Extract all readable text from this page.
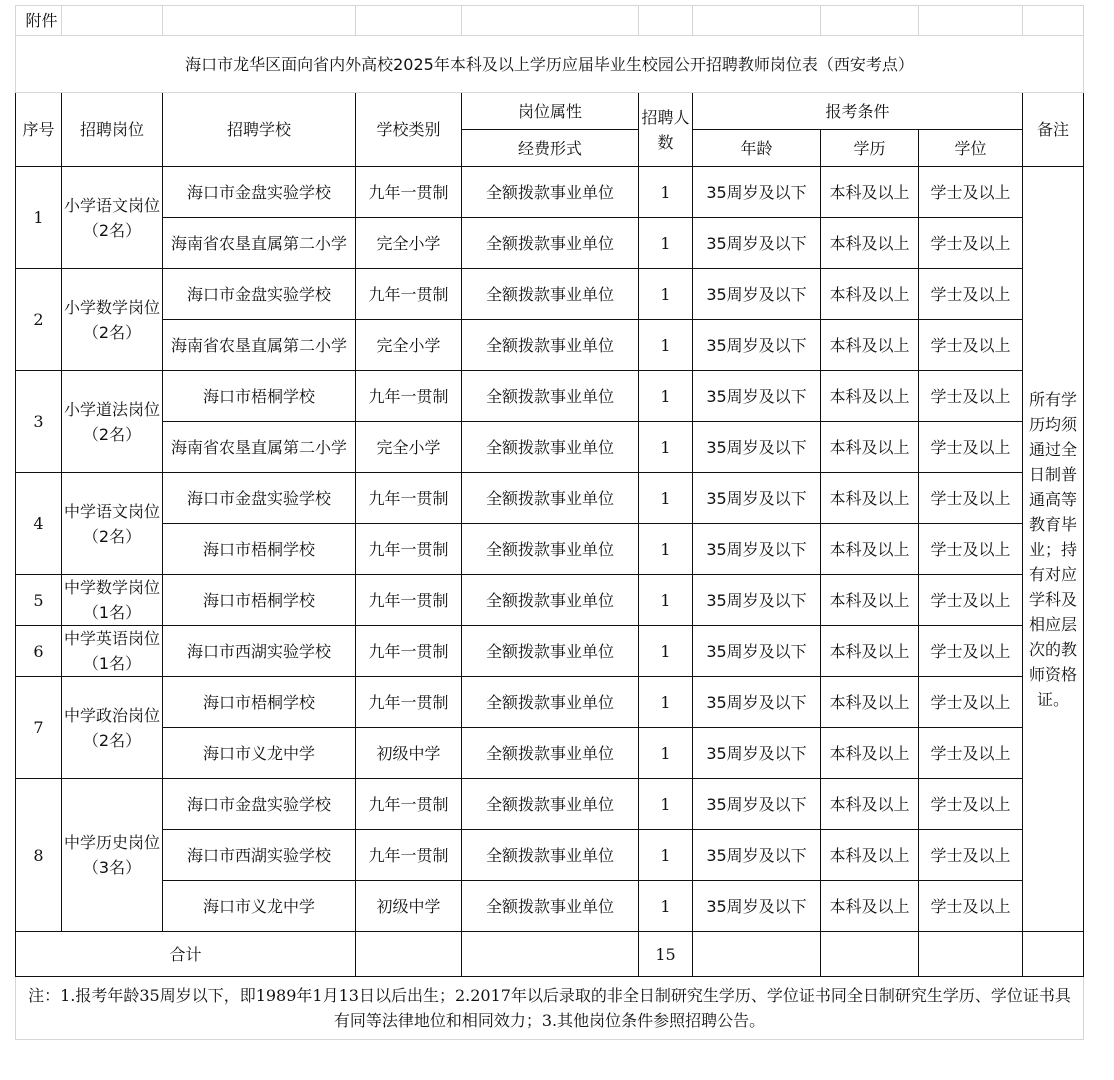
附件									
海口市龙华区面向省内外高校2025年本科及以上学历应届毕业生校园公开招聘教师岗位表（西安考点）									
序号	招聘岗位	招聘学校	学校类别	岗位属性	招聘人数	报考条件			备注
				经费形式		年龄	学历	学位	
1	小学语文岗位（2名）	海口市金盘实验学校	九年一贯制	全额拨款事业单位	1	35周岁及以下	本科及以上	学士及以上	所有学历均须通过全日制普通高等教育毕业；持有对应学科及相应层次的教师资格证。
		海南省农垦直属第二小学	完全小学	全额拨款事业单位	1	35周岁及以下	本科及以上	学士及以上	
2	小学数学岗位（2名）	海口市金盘实验学校	九年一贯制	全额拨款事业单位	1	35周岁及以下	本科及以上	学士及以上	
		海南省农垦直属第二小学	完全小学	全额拨款事业单位	1	35周岁及以下	本科及以上	学士及以上	
3	小学道法岗位（2名）	海口市梧桐学校	九年一贯制	全额拨款事业单位	1	35周岁及以下	本科及以上	学士及以上	
		海南省农垦直属第二小学	完全小学	全额拨款事业单位	1	35周岁及以下	本科及以上	学士及以上	
4	中学语文岗位（2名）	海口市金盘实验学校	九年一贯制	全额拨款事业单位	1	35周岁及以下	本科及以上	学士及以上	
		海口市梧桐学校	九年一贯制	全额拨款事业单位	1	35周岁及以下	本科及以上	学士及以上	
5	中学数学岗位（1名）	海口市梧桐学校	九年一贯制	全额拨款事业单位	1	35周岁及以下	本科及以上	学士及以上	
6	中学英语岗位（1名）	海口市西湖实验学校	九年一贯制	全额拨款事业单位	1	35周岁及以下	本科及以上	学士及以上	
7	中学政治岗位（2名）	海口市梧桐学校	九年一贯制	全额拨款事业单位	1	35周岁及以下	本科及以上	学士及以上	
		海口市义龙中学	初级中学	全额拨款事业单位	1	35周岁及以下	本科及以上	学士及以上	
8	中学历史岗位（3名）	海口市金盘实验学校	九年一贯制	全额拨款事业单位	1	35周岁及以下	本科及以上	学士及以上	
		海口市西湖实验学校	九年一贯制	全额拨款事业单位	1	35周岁及以下	本科及以上	学士及以上	
		海口市义龙中学	初级中学	全额拨款事业单位	1	35周岁及以下	本科及以上	学士及以上	
合计					15				
注：1.报考年龄35周岁以下，即1989年1月13日以后出生；2.2017年以后录取的非全日制研究生学历、学位证书同全日制研究生学历、学位证书具有同等法律地位和相同效力；3.其他岗位条件参照招聘公告。									
